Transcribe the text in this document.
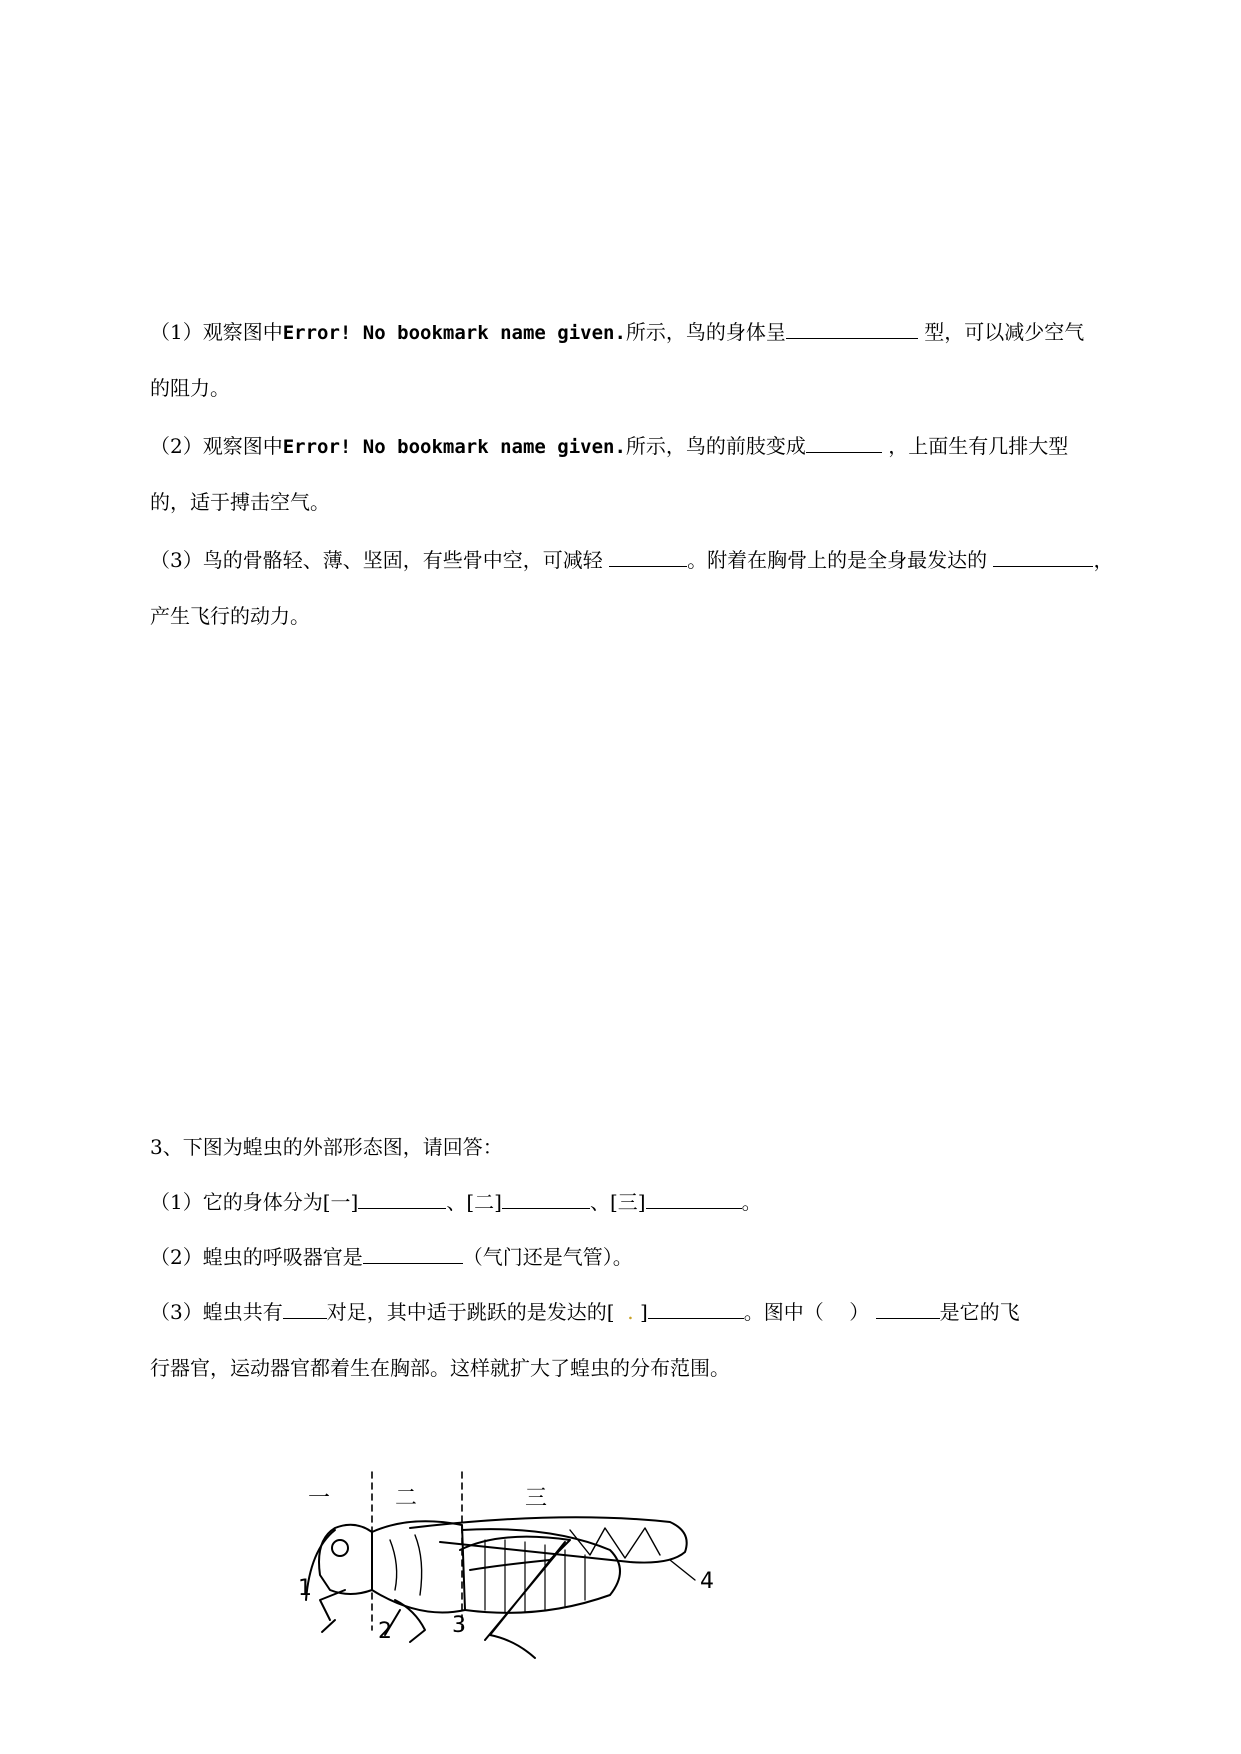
（1）观察图中Error! No bookmark name given.所示，鸟的身体呈	型，可以减少空气
的阻力。
（2）观察图中Error! No bookmark name given.所示，鸟的前肢变成	，上面生有几排大型
的，适于搏击空气。
（3）鸟的骨骼轻、薄、坚固，有些骨中空，可减轻	。附着在胸骨上的是全身最发达的	，
产生飞行的动力。
3、下图为蝗虫的外部形态图，请回答：
（1）它的身体分为[一]	、[二]	、[三]	。
（2）蝗虫的呼吸器官是	（气门还是气管）。
（3）蝗虫共有 对足，其中适于跳跃的是发达的[ . ]	。图中（ ）	是它的飞
行器官，运动器官都着生在胸部。这样就扩大了蝗虫的分布范围。
一	二	三
1
2	3
4
